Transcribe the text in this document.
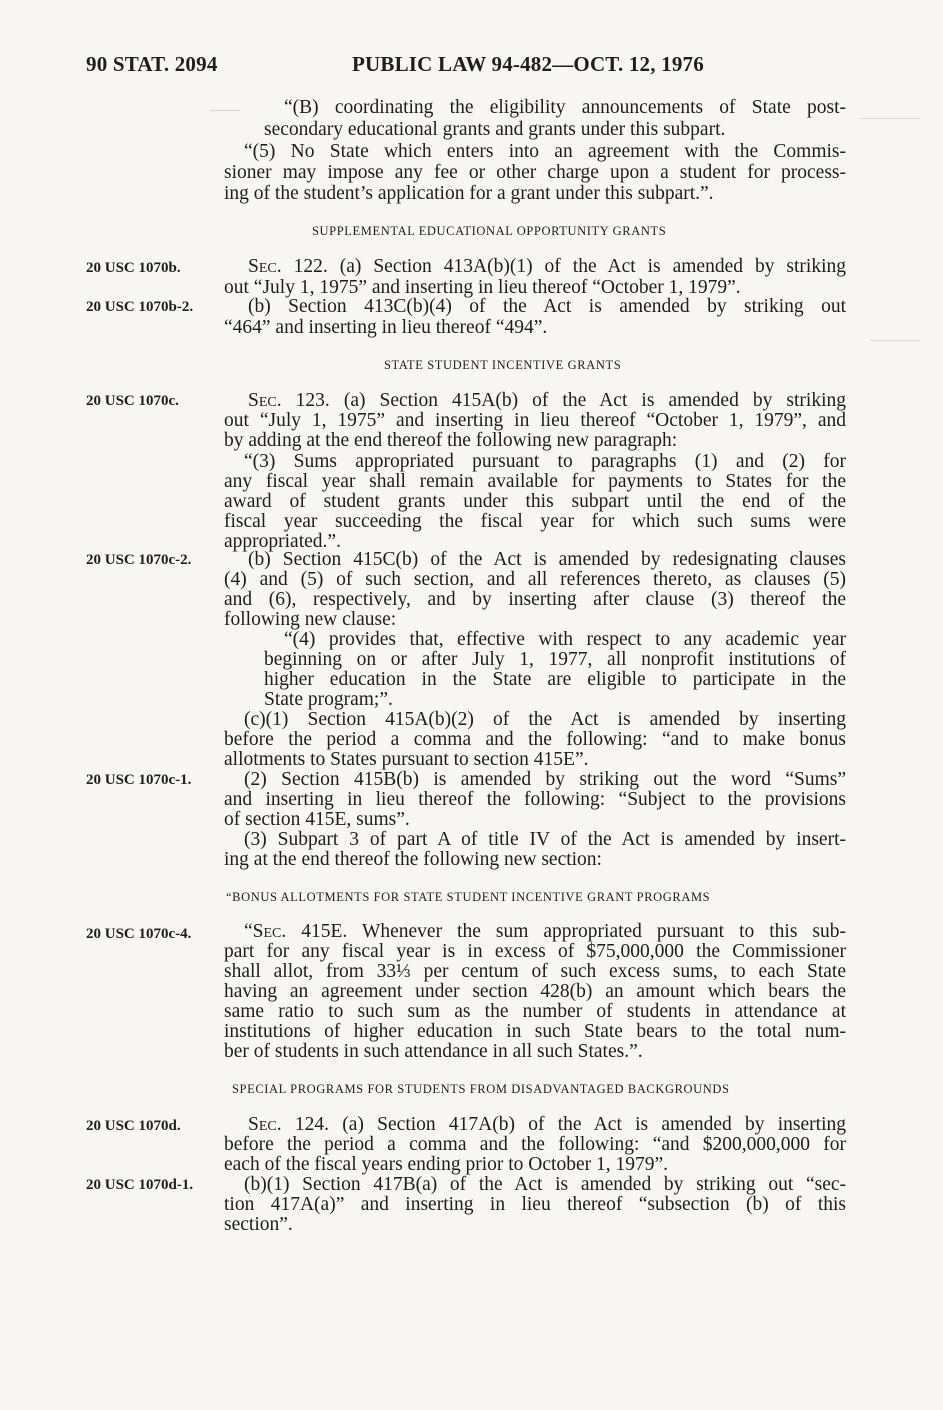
90 STAT. 2094	PUBLIC LAW 94-482—OCT. 12, 1976
“(B) coordinating the eligibility announcements of State post-
secondary educational grants and grants under this subpart.
“(5) No State which enters into an agreement with the Commis-
sioner may impose any fee or other charge upon a student for process-
ing of the student’s application for a grant under this subpart.”.
SUPPLEMENTAL EDUCATIONAL OPPORTUNITY GRANTS
20 USC 1070b.	Sec. 122. (a) Section 413A(b)(1) of the Act is amended by striking
out “July 1, 1975” and inserting in lieu thereof “October 1, 1979”.
20 USC 1070b-2.	(b) Section 413C(b)(4) of the Act is amended by striking out
“464” and inserting in lieu thereof “494”.
STATE STUDENT INCENTIVE GRANTS
20 USC 1070c.	Sec. 123. (a) Section 415A(b) of the Act is amended by striking
out “July 1, 1975” and inserting in lieu thereof “October 1, 1979”, and
by adding at the end thereof the following new paragraph:
“(3) Sums appropriated pursuant to paragraphs (1) and (2) for
any fiscal year shall remain available for payments to States for the
award of student grants under this subpart until the end of the
fiscal year succeeding the fiscal year for which such sums were
appropriated.”.
20 USC 1070c-2.	(b) Section 415C(b) of the Act is amended by redesignating clauses
(4) and (5) of such section, and all references thereto, as clauses (5)
and (6), respectively, and by inserting after clause (3) thereof the
following new clause:
“(4) provides that, effective with respect to any academic year
beginning on or after July 1, 1977, all nonprofit institutions of
higher education in the State are eligible to participate in the
State program;”.
(c)(1) Section 415A(b)(2) of the Act is amended by inserting
before the period a comma and the following: “and to make bonus
allotments to States pursuant to section 415E”.
20 USC 1070c-1.	(2) Section 415B(b) is amended by striking out the word “Sums”
and inserting in lieu thereof the following: “Subject to the provisions
of section 415E, sums”.
(3) Subpart 3 of part A of title IV of the Act is amended by insert-
ing at the end thereof the following new section:
“BONUS ALLOTMENTS FOR STATE STUDENT INCENTIVE GRANT PROGRAMS
20 USC 1070c-4.	“Sec. 415E. Whenever the sum appropriated pursuant to this sub-
part for any fiscal year is in excess of $75,000,000 the Commissioner
shall allot, from 33⅓ per centum of such excess sums, to each State
having an agreement under section 428(b) an amount which bears the
same ratio to such sum as the number of students in attendance at
institutions of higher education in such State bears to the total num-
ber of students in such attendance in all such States.”.
SPECIAL PROGRAMS FOR STUDENTS FROM DISADVANTAGED BACKGROUNDS
20 USC 1070d.	Sec. 124. (a) Section 417A(b) of the Act is amended by inserting
before the period a comma and the following: “and $200,000,000 for
each of the fiscal years ending prior to October 1, 1979”.
20 USC 1070d-1.	(b)(1) Section 417B(a) of the Act is amended by striking out “sec-
tion 417A(a)” and inserting in lieu thereof “subsection (b) of this
section”.
